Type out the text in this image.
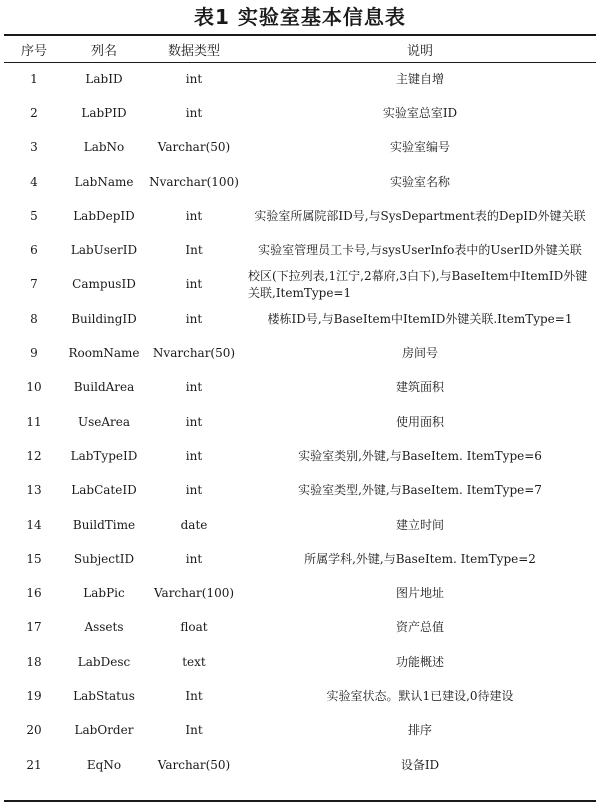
表1 实验室基本信息表
序号	列名	数据类型	说明
1	LabID	int	主键自增
2	LabPID	int	实验室总室ID
3	LabNo	Varchar(50)	实验室编号
4	LabName	Nvarchar(100)	实验室名称
5	LabDepID	int	实验室所属院部ID号,与SysDepartment表的DepID外键关联
6	LabUserID	Int	实验室管理员工卡号,与sysUserInfo表中的UserID外键关联
7	CampusID	int	校区(下拉列表,1江宁,2幕府,3白下),与BaseItem中ItemID外键关联,ItemType=1
8	BuildingID	int	楼栋ID号,与BaseItem中ItemID外键关联.ItemType=1
9	RoomName	Nvarchar(50)	房间号
10	BuildArea	int	建筑面积
11	UseArea	int	使用面积
12	LabTypeID	int	实验室类别,外键,与BaseItem. ItemType=6
13	LabCateID	int	实验室类型,外键,与BaseItem. ItemType=7
14	BuildTime	date	建立时间
15	SubjectID	int	所属学科,外键,与BaseItem. ItemType=2
16	LabPic	Varchar(100)	图片地址
17	Assets	float	资产总值
18	LabDesc	text	功能概述
19	LabStatus	Int	实验室状态。默认1已建设,0待建设
20	LabOrder	Int	排序
21	EqNo	Varchar(50)	设备ID
